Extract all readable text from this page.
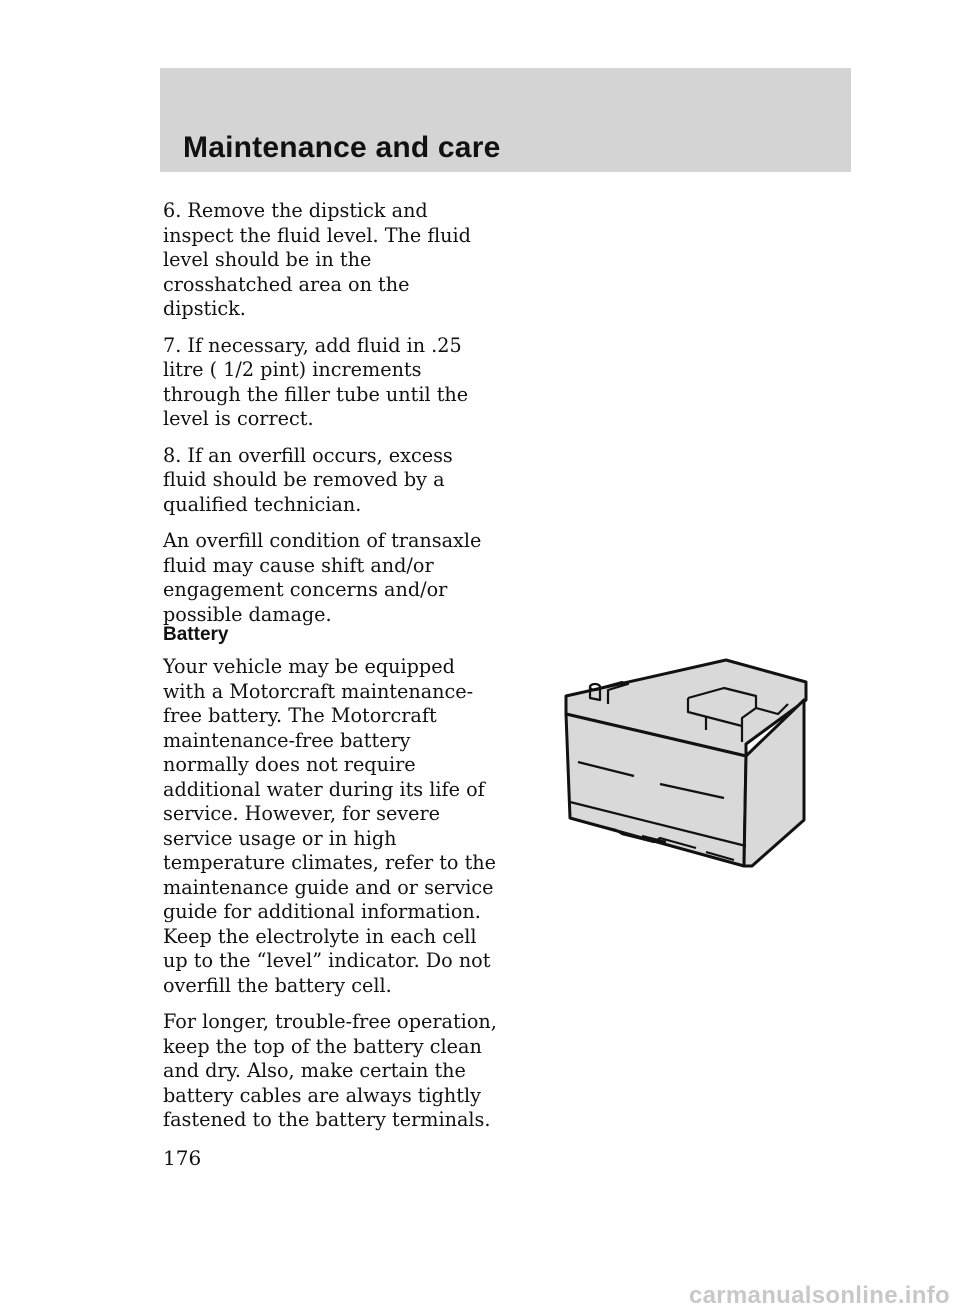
Maintenance and care

6. Remove the dipstick and inspect the fluid level. The fluid level should be in the crosshatched area on the dipstick.

7. If necessary, add fluid in .25 litre ( 1/2 pint) increments through the filler tube until the level is correct.

8. If an overfill occurs, excess fluid should be removed by a qualified technician.

An overfill condition of transaxle fluid may cause shift and/or engagement concerns and/or possible damage.

Battery

Your vehicle may be equipped with a Motorcraft maintenance-free battery. The Motorcraft maintenance-free battery normally does not require additional water during its life of service. However, for severe service usage or in high temperature climates, refer to the maintenance guide and or service guide for additional information. Keep the electrolyte in each cell up to the “level” indicator. Do not overfill the battery cell.

For longer, trouble-free operation, keep the top of the battery clean and dry. Also, make certain the battery cables are always tightly fastened to the battery terminals.

176

carmanualsonline.info
